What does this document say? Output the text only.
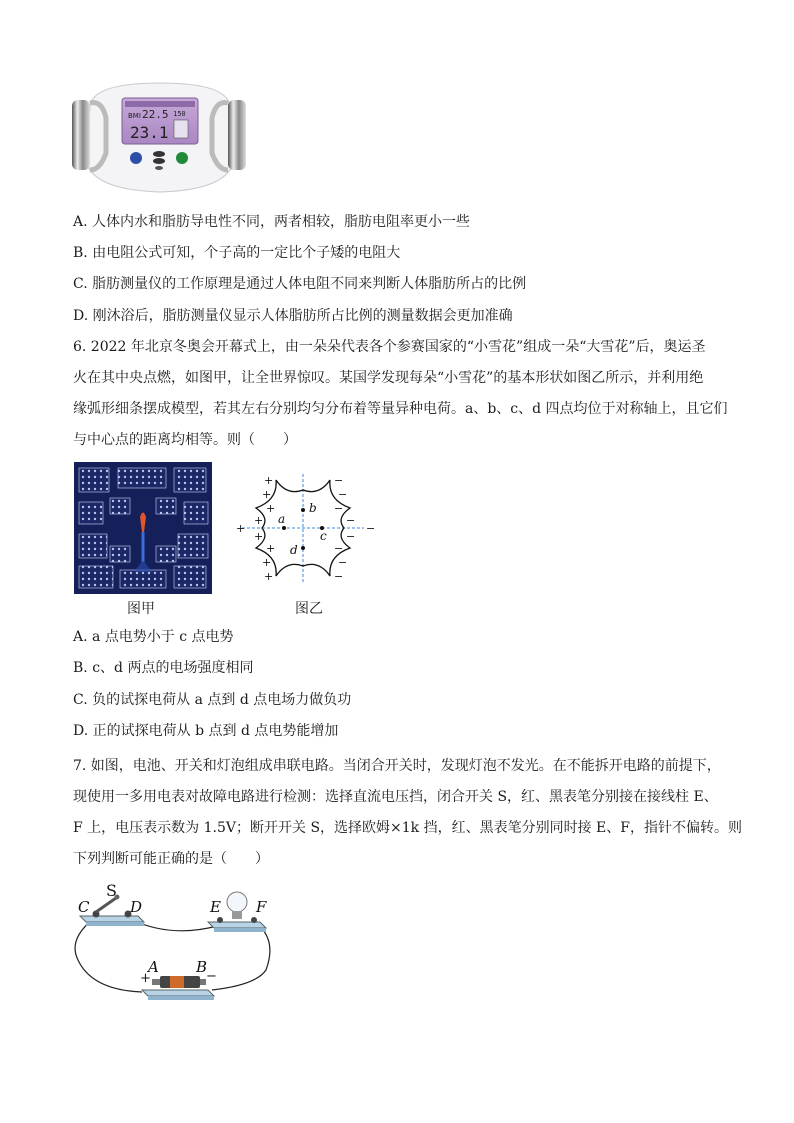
BMI 22.5 150
23.1
A. 人体内水和脂肪导电性不同，两者相较，脂肪电阻率更小一些
B. 由电阻公式可知，个子高的一定比个子矮的电阻大
C. 脂肪测量仪的工作原理是通过人体电阻不同来判断人体脂肪所占的比例
D. 刚沐浴后，脂肪测量仪显示人体脂肪所占比例的测量数据会更加准确
6. 2022 年北京冬奥会开幕式上，由一朵朵代表各个参赛国家的“小雪花”组成一朵“大雪花”后，奥运圣
火在其中央点燃，如图甲，让全世界惊叹。某国学发现每朵“小雪花”的基本形状如图乙所示，并利用绝
缘弧形细条摆成模型，若其左右分别均匀分布着等量异种电荷。a、b、c、d 四点均位于对称轴上，且它们
与中心点的距离均相等。则（　　）
+
+
+
+
+
+
+
+
+
−
−
−
−
−
−
−
−
−
a
c
b
d
图甲	图乙
A. a 点电势小于 c 点电势
B. c、d 两点的电场强度相同
C. 负的试探电荷从 a 点到 d 点电场力做负功
D. 正的试探电荷从 b 点到 d 点电势能增加
7. 如图，电池、开关和灯泡组成串联电路。当闭合开关时，发现灯泡不发光。在不能拆开电路的前提下，
现使用一多用电表对故障电路进行检测：选择直流电压挡，闭合开关 S，红、黑表笔分别接在接线柱 E、
F 上，电压表示数为 1.5V；断开开关 S，选择欧姆×1k 挡，红、黑表笔分别同时接 E、F，指针不偏转。则
下列判断可能正确的是（　　）
C	D	E F
A B
S
+	−
